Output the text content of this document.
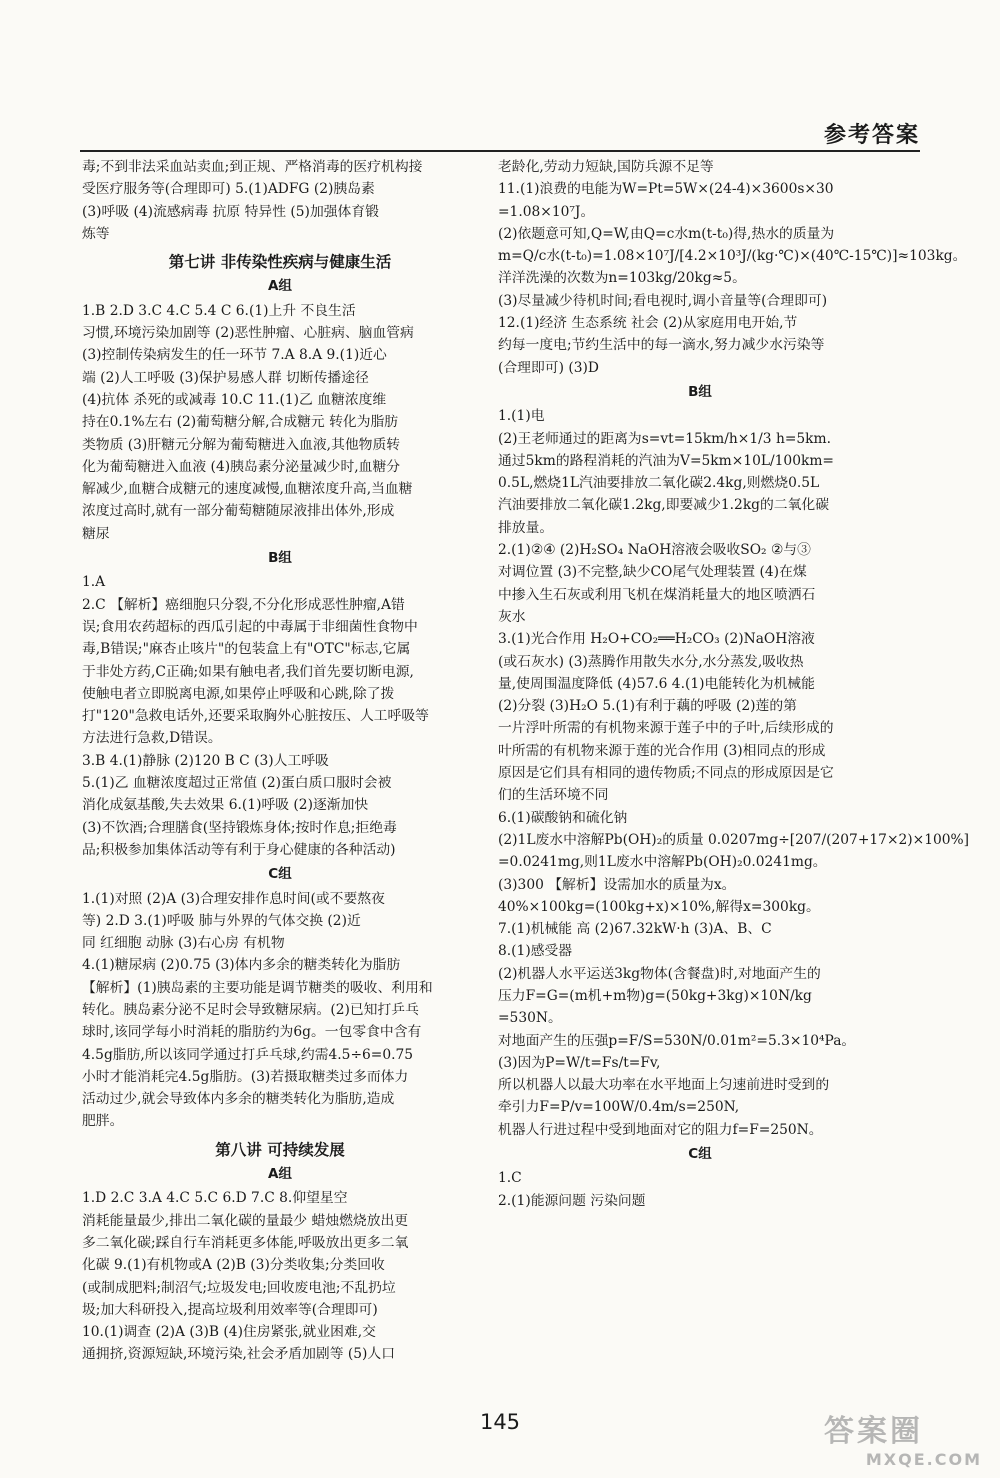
参考答案
毒;不到非法采血站卖血;到正规、严格消毒的医疗机构接
受医疗服务等(合理即可) 5.(1)ADFG (2)胰岛素
(3)呼吸 (4)流感病毒 抗原 特异性 (5)加强体育锻
炼等
第七讲 非传染性疾病与健康生活
A组
1.B 2.D 3.C 4.C 5.4 C 6.(1)上升 不良生活
习惯,环境污染加剧等 (2)恶性肿瘤、心脏病、脑血管病
(3)控制传染病发生的任一环节 7.A 8.A 9.(1)近心
端 (2)人工呼吸 (3)保护易感人群 切断传播途径
(4)抗体 杀死的或减毒 10.C 11.(1)乙 血糖浓度维
持在0.1%左右 (2)葡萄糖分解,合成糖元 转化为脂肪
类物质 (3)肝糖元分解为葡萄糖进入血液,其他物质转
化为葡萄糖进入血液 (4)胰岛素分泌量减少时,血糖分
解减少,血糖合成糖元的速度减慢,血糖浓度升高,当血糖
浓度过高时,就有一部分葡萄糖随尿液排出体外,形成
糖尿
B组
1.A
2.C 【解析】癌细胞只分裂,不分化形成恶性肿瘤,A错
误;食用农药超标的西瓜引起的中毒属于非细菌性食物中
毒,B错误;"麻杏止咳片"的包装盒上有"OTC"标志,它属
于非处方药,C正确;如果有触电者,我们首先要切断电源,
使触电者立即脱离电源,如果停止呼吸和心跳,除了拨
打"120"急救电话外,还要采取胸外心脏按压、人工呼吸等
方法进行急救,D错误。
3.B 4.(1)静脉 (2)120 B C (3)人工呼吸
5.(1)乙 血糖浓度超过正常值 (2)蛋白质口服时会被
消化成氨基酸,失去效果 6.(1)呼吸 (2)逐渐加快
(3)不饮酒;合理膳食(坚持锻炼身体;按时作息;拒绝毒
品;积极参加集体活动等有利于身心健康的各种活动)
C组
1.(1)对照 (2)A (3)合理安排作息时间(或不要熬夜
等) 2.D 3.(1)呼吸 肺与外界的气体交换 (2)近
同 红细胞 动脉 (3)右心房 有机物
4.(1)糖尿病 (2)0.75 (3)体内多余的糖类转化为脂肪
【解析】(1)胰岛素的主要功能是调节糖类的吸收、利用和
转化。胰岛素分泌不足时会导致糖尿病。(2)已知打乒乓
球时,该同学每小时消耗的脂肪约为6g。一包零食中含有
4.5g脂肪,所以该同学通过打乒乓球,约需4.5÷6=0.75
小时才能消耗完4.5g脂肪。(3)若摄取糖类过多而体力
活动过少,就会导致体内多余的糖类转化为脂肪,造成
肥胖。
第八讲 可持续发展
A组
1.D 2.C 3.A 4.C 5.C 6.D 7.C 8.仰望星空
消耗能量最少,排出二氧化碳的量最少 蜡烛燃烧放出更
多二氧化碳;踩自行车消耗更多体能,呼吸放出更多二氧
化碳 9.(1)有机物或A (2)B (3)分类收集;分类回收
(或制成肥料;制沼气;垃圾发电;回收废电池;不乱扔垃
圾;加大科研投入,提高垃圾利用效率等(合理即可)
10.(1)调查 (2)A (3)B (4)住房紧张,就业困难,交
通拥挤,资源短缺,环境污染,社会矛盾加剧等 (5)人口
老龄化,劳动力短缺,国防兵源不足等
11.(1)浪费的电能为W=Pt=5W×(24-4)×3600s×30
=1.08×10⁷J。
(2)依题意可知,Q=W,由Q=c水m(t-t₀)得,热水的质量为
m=Q/c水(t-t₀)=1.08×10⁷J/[4.2×10³J/(kg·℃)×(40℃-15℃)]≈103kg。
洋洋洗澡的次数为n=103kg/20kg≈5。
(3)尽量减少待机时间;看电视时,调小音量等(合理即可)
12.(1)经济 生态系统 社会 (2)从家庭用电开始,节
约每一度电;节约生活中的每一滴水,努力减少水污染等
(合理即可) (3)D
B组
1.(1)电
(2)王老师通过的距离为s=vt=15km/h×1/3 h=5km.
通过5km的路程消耗的汽油为V=5km×10L/100km=
0.5L,燃烧1L汽油要排放二氧化碳2.4kg,则燃烧0.5L
汽油要排放二氧化碳1.2kg,即要减少1.2kg的二氧化碳
排放量。
2.(1)②④ (2)H₂SO₄ NaOH溶液会吸收SO₂ ②与③
对调位置 (3)不完整,缺少CO尾气处理装置 (4)在煤
中掺入生石灰或利用飞机在煤消耗量大的地区喷洒石
灰水
3.(1)光合作用 H₂O+CO₂══H₂CO₃ (2)NaOH溶液
(或石灰水) (3)蒸腾作用散失水分,水分蒸发,吸收热
量,使周围温度降低 (4)57.6 4.(1)电能转化为机械能
(2)分裂 (3)H₂O 5.(1)有利于藕的呼吸 (2)莲的第
一片浮叶所需的有机物来源于莲子中的子叶,后续形成的
叶所需的有机物来源于莲的光合作用 (3)相同点的形成
原因是它们具有相同的遗传物质;不同点的形成原因是它
们的生活环境不同
6.(1)碳酸钠和硫化钠
(2)1L废水中溶解Pb(OH)₂的质量 0.0207mg÷[207/(207+17×2)×100%]
=0.0241mg,则1L废水中溶解Pb(OH)₂0.0241mg。
(3)300 【解析】设需加水的质量为x。
40%×100kg=(100kg+x)×10%,解得x=300kg。
7.(1)机械能 高 (2)67.32kW·h (3)A、B、C
8.(1)感受器
(2)机器人水平运送3kg物体(含餐盘)时,对地面产生的
压力F=G=(m机+m物)g=(50kg+3kg)×10N/kg
=530N。
对地面产生的压强p=F/S=530N/0.01m²=5.3×10⁴Pa。
(3)因为P=W/t=Fs/t=Fv,
所以机器人以最大功率在水平地面上匀速前进时受到的
牵引力F=P/v=100W/0.4m/s=250N,
机器人行进过程中受到地面对它的阻力f=F=250N。
C组
1.C
2.(1)能源问题 污染问题
145	答案圈
MXQE.COM
